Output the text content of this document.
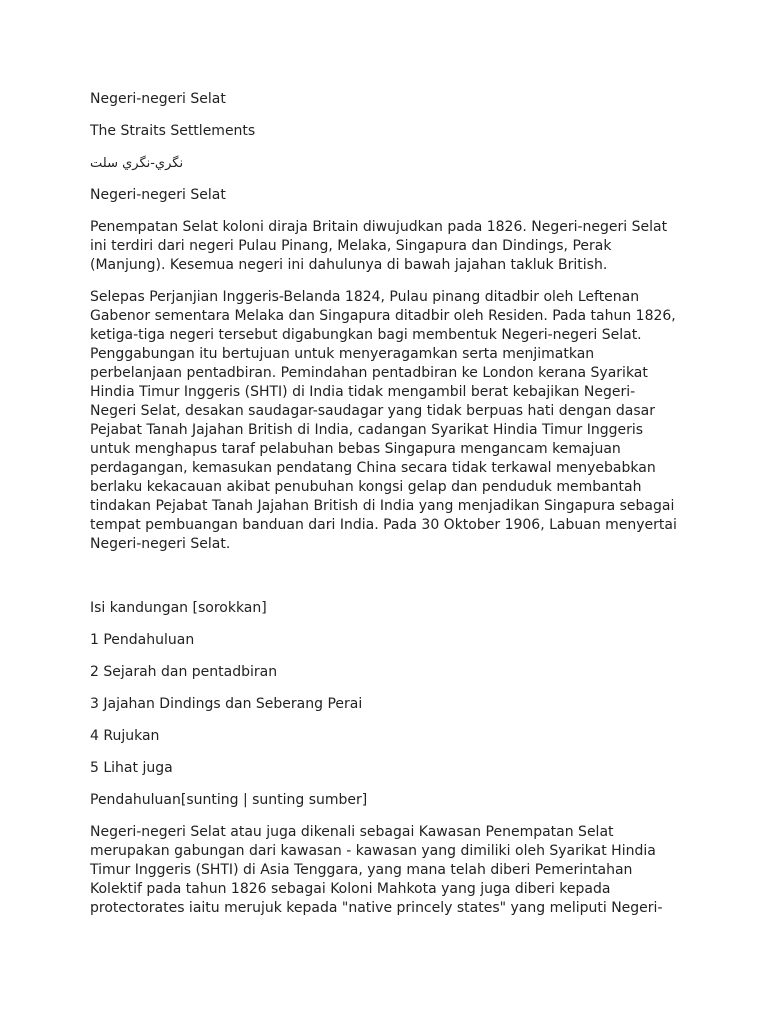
Negeri-negeri Selat

The Straits Settlements

ﻧﮕﺮﻱ-ﻧﮕﺮﻱ ﺳﻠﺖ

Negeri-negeri Selat

Penempatan Selat koloni diraja Britain diwujudkan pada 1826. Negeri-negeri Selat ini terdiri dari negeri Pulau Pinang, Melaka, Singapura dan Dindings, Perak (Manjung). Kesemua negeri ini dahulunya di bawah jajahan takluk British.

Selepas Perjanjian Inggeris-Belanda 1824, Pulau pinang ditadbir oleh Leftenan Gabenor sementara Melaka dan Singapura ditadbir oleh Residen. Pada tahun 1826, ketiga-tiga negeri tersebut digabungkan bagi membentuk Negeri-negeri Selat. Penggabungan itu bertujuan untuk menyeragamkan serta menjimatkan perbelanjaan pentadbiran. Pemindahan pentadbiran ke London kerana Syarikat Hindia Timur Inggeris (SHTI) di India tidak mengambil berat kebajikan Negeri-Negeri Selat, desakan saudagar-saudagar yang tidak berpuas hati dengan dasar Pejabat Tanah Jajahan British di India, cadangan Syarikat Hindia Timur Inggeris untuk menghapus taraf pelabuhan bebas Singapura mengancam kemajuan perdagangan, kemasukan pendatang China secara tidak terkawal menyebabkan berlaku kekacauan akibat penubuhan kongsi gelap dan penduduk membantah tindakan Pejabat Tanah Jajahan British di India yang menjadikan Singapura sebagai tempat pembuangan banduan dari India. Pada 30 Oktober 1906, Labuan menyertai Negeri-negeri Selat.

Isi kandungan [sorokkan]

1 Pendahuluan

2 Sejarah dan pentadbiran

3 Jajahan Dindings dan Seberang Perai

4 Rujukan

5 Lihat juga

Pendahuluan[sunting | sunting sumber]

Negeri-negeri Selat atau juga dikenali sebagai Kawasan Penempatan Selat merupakan gabungan dari kawasan - kawasan yang dimiliki oleh Syarikat Hindia Timur Inggeris (SHTI) di Asia Tenggara, yang mana telah diberi Pemerintahan Kolektif pada tahun 1826 sebagai Koloni Mahkota yang juga diberi kepada protectorates iaitu merujuk kepada "native princely states" yang meliputi Negeri-
